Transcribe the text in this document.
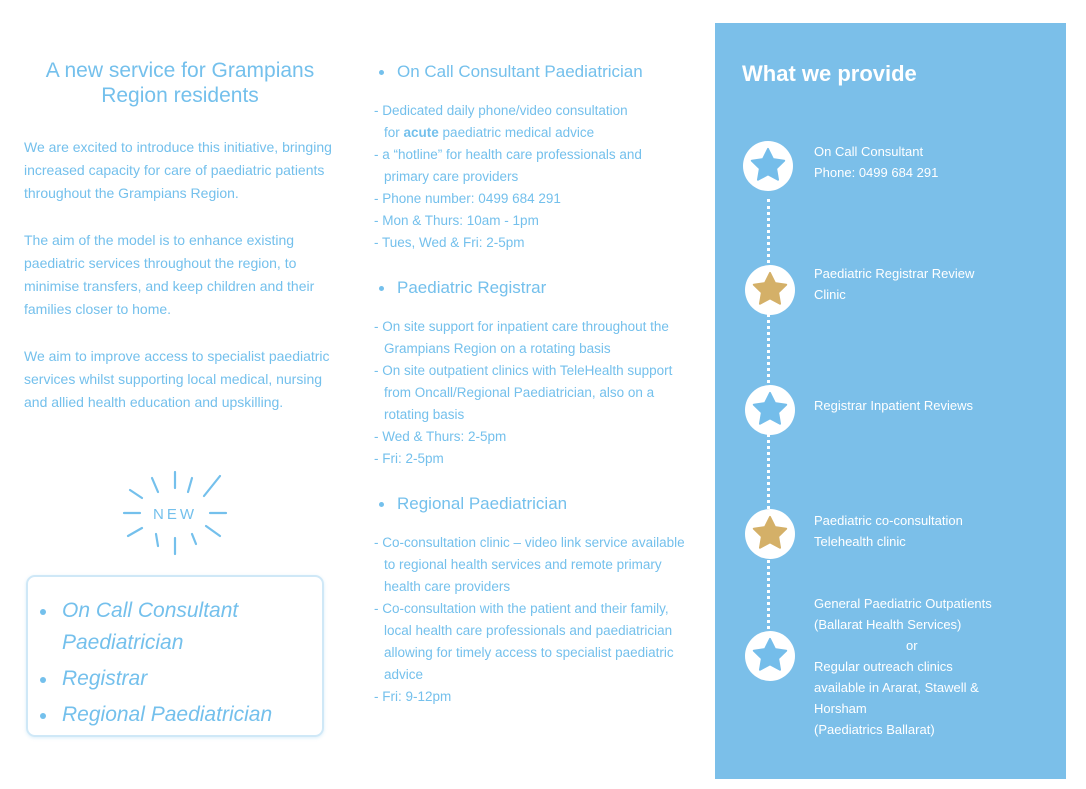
A new service for Grampians
Region residents

We are excited to introduce this initiative, bringing increased capacity for care of paediatric patients throughout the Grampians Region.

The aim of the model is to enhance existing paediatric services throughout the region, to minimise transfers, and keep children and their families closer to home.

We aim to improve access to specialist paediatric services whilst supporting local medical, nursing and allied health education and upskilling.

NEW
On Call Consultant Paediatrician
Registrar
Regional Paediatrician
On Call Consultant Paediatrician
- Dedicated daily phone/video consultation
for acute paediatric medical advice
- a “hotline” for health care professionals and primary care providers
- Phone number: 0499 684 291
- Mon & Thurs: 10am - 1pm
- Tues, Wed & Fri: 2-5pm
Paediatric Registrar
- On site support for inpatient care throughout the Grampians Region on a rotating basis
- On site outpatient clinics with TeleHealth support from Oncall/Regional Paediatrician, also on a rotating basis
- Wed & Thurs: 2-5pm
- Fri: 2-5pm
Regional Paediatrician
- Co-consultation clinic – video link service available to regional health services and remote primary health care providers
- Co-consultation with the patient and their family, local health care professionals and paediatrician allowing for timely access to specialist paediatric advice
- Fri: 9-12pm
What we provide
On Call Consultant
Phone: 0499 684 291
Paediatric Registrar Review
Clinic
Registrar Inpatient Reviews
Paediatric co-consultation
Telehealth clinic
General Paediatric Outpatients
(Ballarat Health Services)
or
Regular outreach clinics
available in Ararat, Stawell &
Horsham
(Paediatrics Ballarat)
